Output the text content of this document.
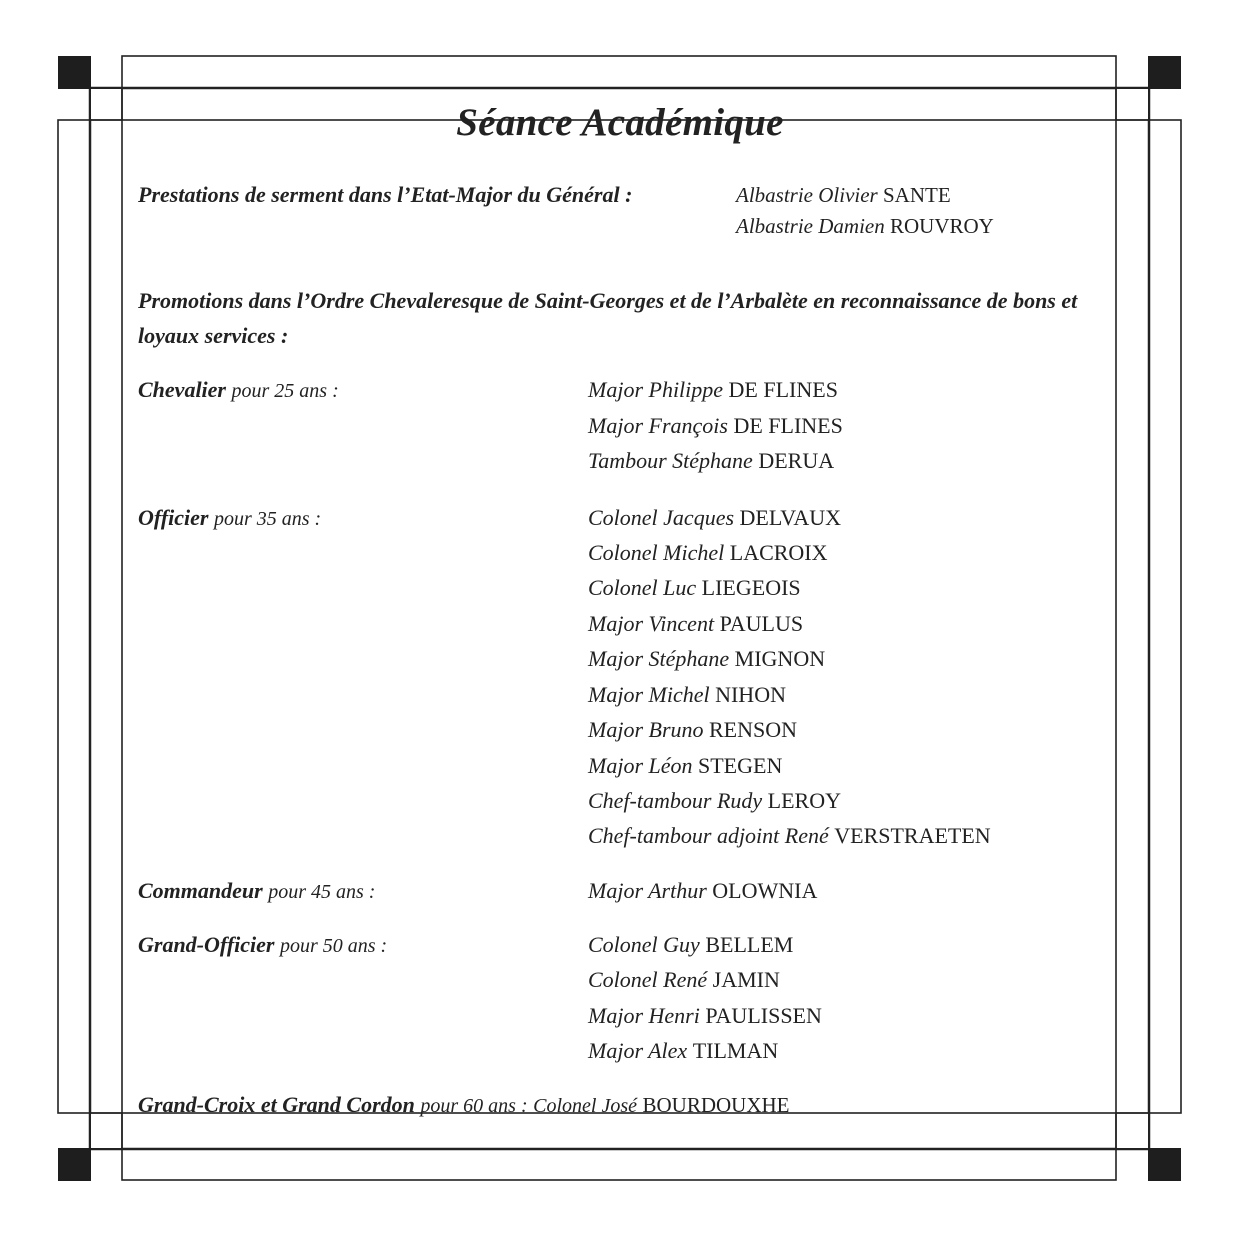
Séance Académique
Prestations de serment dans l’Etat-Major du Général :	Albastrie Olivier SANTE
Albastrie Damien ROUVROY
Promotions dans l’Ordre Chevaleresque de Saint-Georges et de l’Arbalète en reconnaissance de bons et loyaux services :
Chevalier pour 25 ans :	Major Philippe DE FLINES
Major François DE FLINES
Tambour Stéphane DERUA
Officier pour 35 ans :	Colonel Jacques DELVAUX
Colonel Michel LACROIX
Colonel Luc LIEGEOIS
Major Vincent PAULUS
Major Stéphane MIGNON
Major Michel NIHON
Major Bruno RENSON
Major Léon STEGEN
Chef-tambour Rudy LEROY
Chef-tambour adjoint René VERSTRAETEN
Commandeur pour 45 ans :	Major Arthur OLOWNIA
Grand-Officier pour 50 ans :	Colonel Guy BELLEM
Colonel René JAMIN
Major Henri PAULISSEN
Major Alex TILMAN
Grand-Croix et Grand Cordon pour 60 ans : Colonel José BOURDOUXHE
